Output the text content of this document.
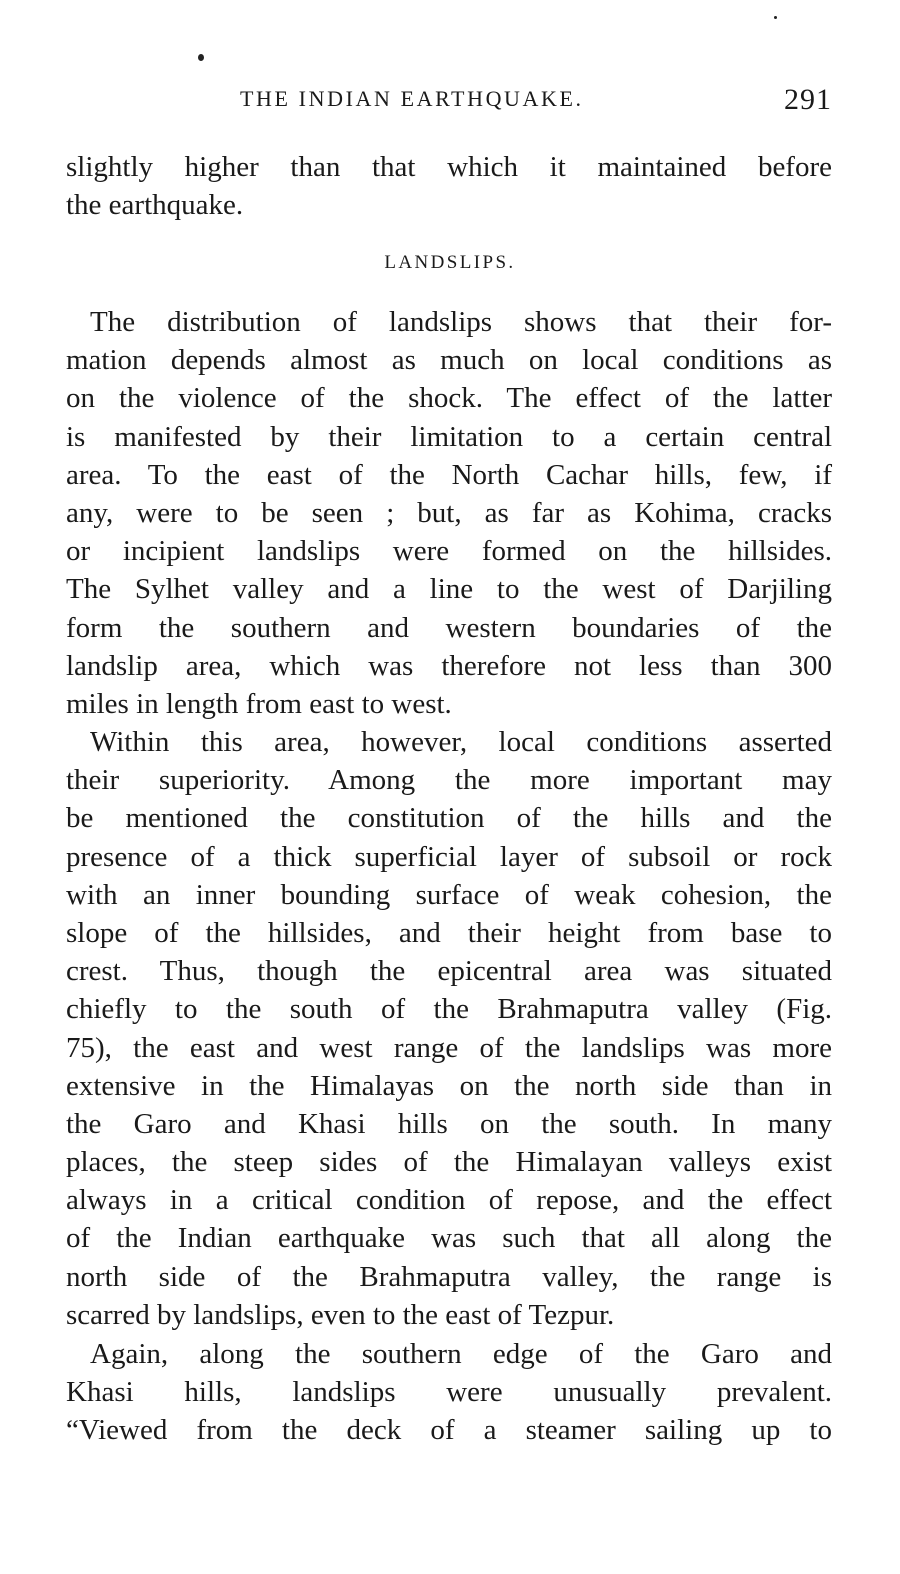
THE INDIAN EARTHQUAKE.	291
slightly higher than that which it maintained before
the earthquake.
LANDSLIPS.
The distribution of landslips shows that their for-
mation depends almost as much on local conditions as
on the violence of the shock. The effect of the latter
is manifested by their limitation to a certain central
area. To the east of the North Cachar hills, few, if
any, were to be seen ; but, as far as Kohima, cracks
or incipient landslips were formed on the hillsides.
The Sylhet valley and a line to the west of Darjiling
form the southern and western boundaries of the
landslip area, which was therefore not less than 300
miles in length from east to west.
Within this area, however, local conditions asserted
their superiority. Among the more important may
be mentioned the constitution of the hills and the
presence of a thick superficial layer of subsoil or rock
with an inner bounding surface of weak cohesion, the
slope of the hillsides, and their height from base to
crest. Thus, though the epicentral area was situated
chiefly to the south of the Brahmaputra valley (Fig.
75), the east and west range of the landslips was more
extensive in the Himalayas on the north side than in
the Garo and Khasi hills on the south. In many
places, the steep sides of the Himalayan valleys exist
always in a critical condition of repose, and the effect
of the Indian earthquake was such that all along the
north side of the Brahmaputra valley, the range is
scarred by landslips, even to the east of Tezpur.
Again, along the southern edge of the Garo and
Khasi hills, landslips were unusually prevalent.
“Viewed from the deck of a steamer sailing up to
